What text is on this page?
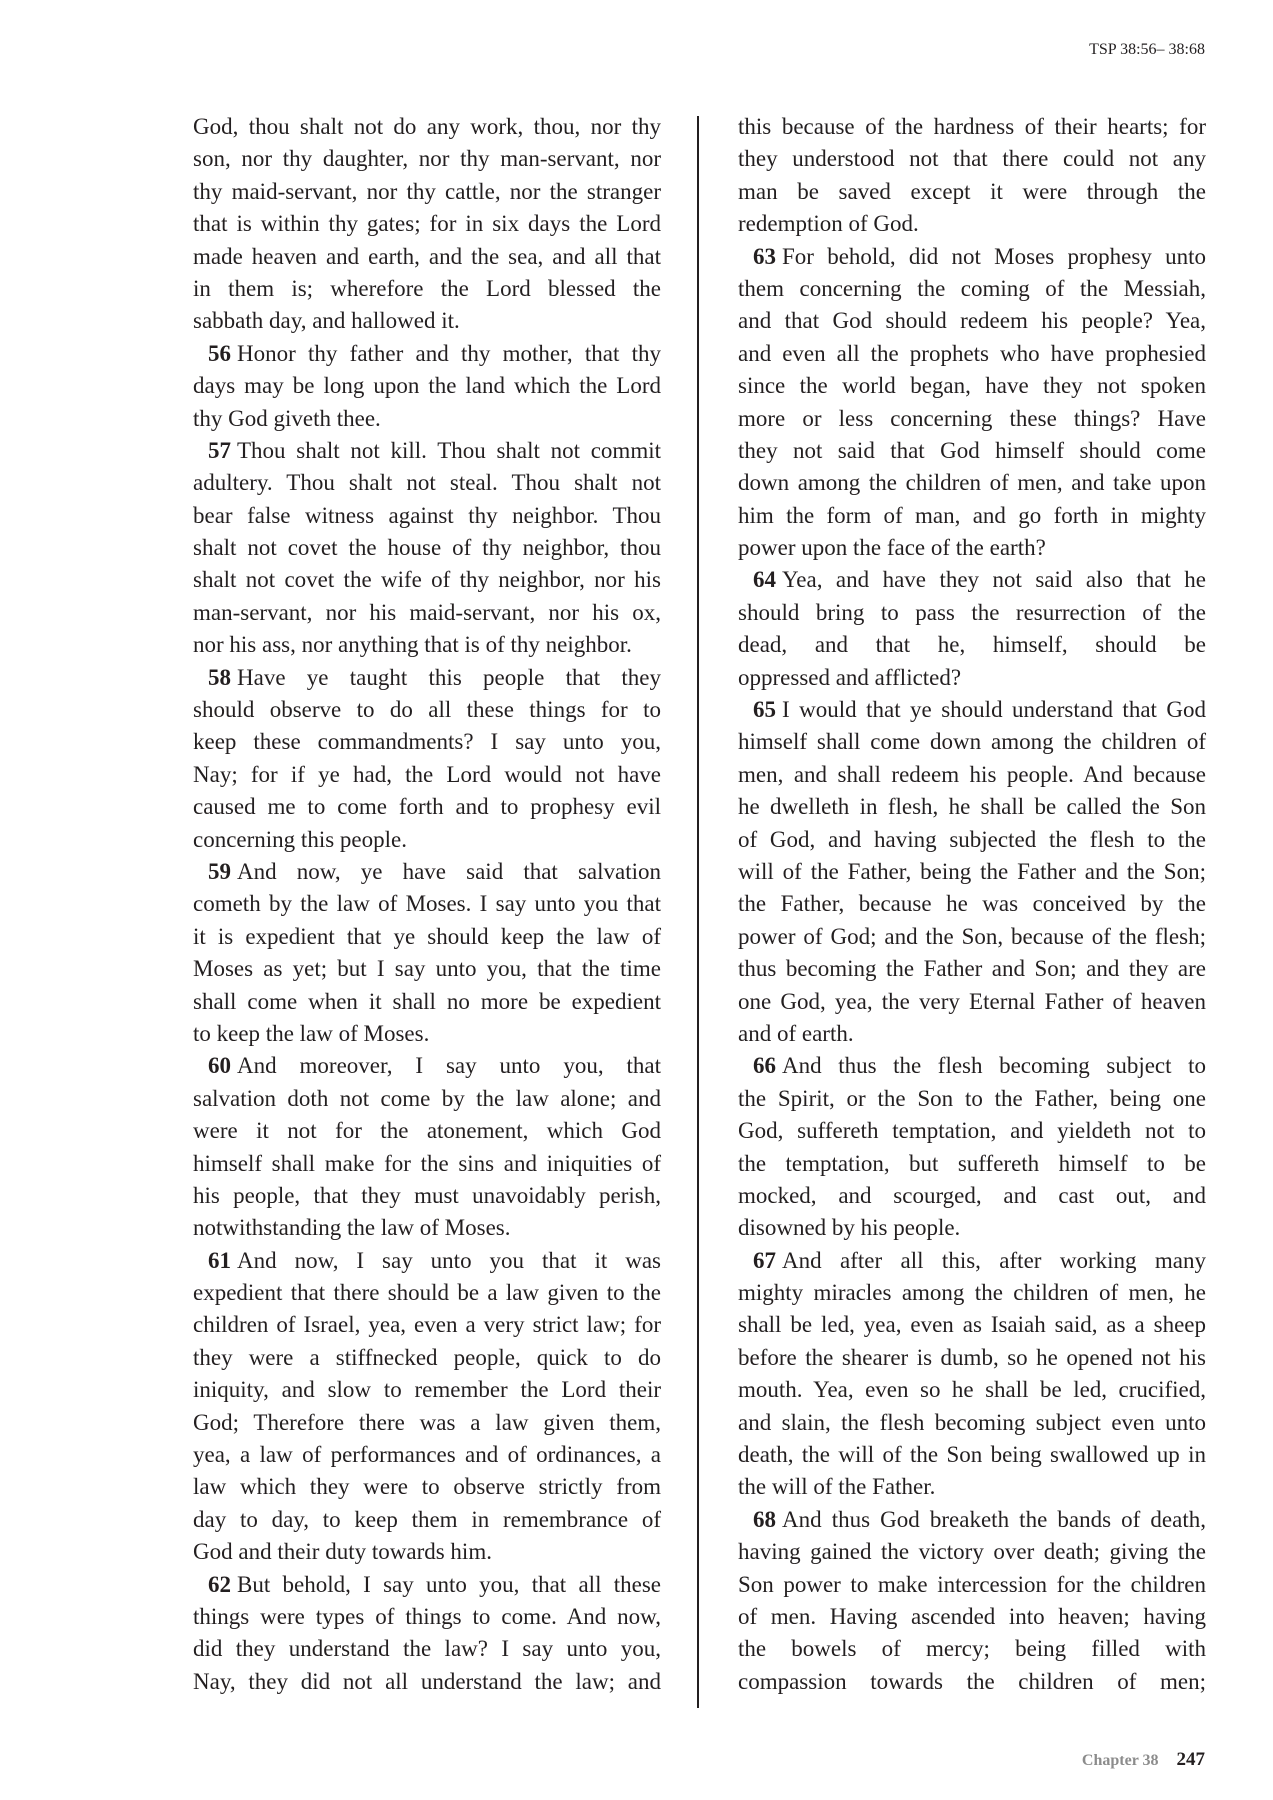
TSP 38:56– 38:68
God, thou shalt not do any work, thou, nor thy
son, nor thy daughter, nor thy man-servant, nor
thy maid-servant, nor thy cattle, nor the stranger
that is within thy gates; for in six days the Lord
made heaven and earth, and the sea, and all that
in them is; wherefore the Lord blessed the
sabbath day, and hallowed it.
56 Honor thy father and thy mother, that thy
days may be long upon the land which the Lord
thy God giveth thee.
57 Thou shalt not kill. Thou shalt not commit
adultery. Thou shalt not steal. Thou shalt not
bear false witness against thy neighbor. Thou
shalt not covet the house of thy neighbor, thou
shalt not covet the wife of thy neighbor, nor his
man-servant, nor his maid-servant, nor his ox,
nor his ass, nor anything that is of thy neighbor.
58 Have ye taught this people that they
should observe to do all these things for to
keep these commandments? I say unto you,
Nay; for if ye had, the Lord would not have
caused me to come forth and to prophesy evil
concerning this people.
59 And now, ye have said that salvation
cometh by the law of Moses. I say unto you that
it is expedient that ye should keep the law of
Moses as yet; but I say unto you, that the time
shall come when it shall no more be expedient
to keep the law of Moses.
60 And moreover, I say unto you, that
salvation doth not come by the law alone; and
were it not for the atonement, which God
himself shall make for the sins and iniquities of
his people, that they must unavoidably perish,
notwithstanding the law of Moses.
61 And now, I say unto you that it was
expedient that there should be a law given to the
children of Israel, yea, even a very strict law; for
they were a stiffnecked people, quick to do
iniquity, and slow to remember the Lord their
God; Therefore there was a law given them,
yea, a law of performances and of ordinances, a
law which they were to observe strictly from
day to day, to keep them in remembrance of
God and their duty towards him.
62 But behold, I say unto you, that all these
things were types of things to come. And now,
did they understand the law? I say unto you,
Nay, they did not all understand the law; and
this because of the hardness of their hearts; for
they understood not that there could not any
man be saved except it were through the
redemption of God.
63 For behold, did not Moses prophesy unto
them concerning the coming of the Messiah,
and that God should redeem his people? Yea,
and even all the prophets who have prophesied
since the world began, have they not spoken
more or less concerning these things? Have
they not said that God himself should come
down among the children of men, and take upon
him the form of man, and go forth in mighty
power upon the face of the earth?
64 Yea, and have they not said also that he
should bring to pass the resurrection of the
dead, and that he, himself, should be
oppressed and afflicted?
65 I would that ye should understand that God
himself shall come down among the children of
men, and shall redeem his people. And because
he dwelleth in flesh, he shall be called the Son
of God, and having subjected the flesh to the
will of the Father, being the Father and the Son;
the Father, because he was conceived by the
power of God; and the Son, because of the flesh;
thus becoming the Father and Son; and they are
one God, yea, the very Eternal Father of heaven
and of earth.
66 And thus the flesh becoming subject to
the Spirit, or the Son to the Father, being one
God, suffereth temptation, and yieldeth not to
the temptation, but suffereth himself to be
mocked, and scourged, and cast out, and
disowned by his people.
67 And after all this, after working many
mighty miracles among the children of men, he
shall be led, yea, even as Isaiah said, as a sheep
before the shearer is dumb, so he opened not his
mouth. Yea, even so he shall be led, crucified,
and slain, the flesh becoming subject even unto
death, the will of the Son being swallowed up in
the will of the Father.
68 And thus God breaketh the bands of death,
having gained the victory over death; giving the
Son power to make intercession for the children
of men. Having ascended into heaven; having
the bowels of mercy; being filled with
compassion towards the children of men;
Chapter 38 247
